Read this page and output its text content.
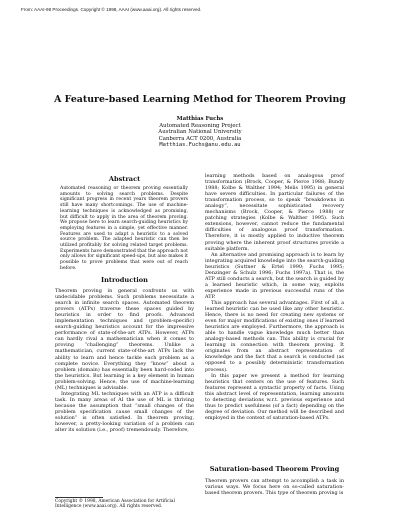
From: AAAI-98 Proceedings. Copyright © 1998, AAAI (www.aaai.org). All rights reserved.
A Feature-based Learning Method for Theorem Proving
Matthias Fuchs
Automated Reasoning Project
Australian National University
Canberra ACT 0200, Australia
Matthias.Fuchs@anu.edu.au
Abstract
Automated reasoning or theorem proving essentially amounts to solving search problems. Despite significant progress in recent years theorem provers still have many shortcomings. The use of machine-learning techniques is acknowledged as promising, but difficult to apply in the area of theorem proving. We propose here to learn search-guiding heuristics by employing features in a simple, yet effective manner. Features are used to adapt a heuristic to a solved source problem. The adapted heuristic can then be utilized profitably for solving related target problems. Experiments have demonstrated that the approach not only allows for significant speed-ups, but also makes it possible to prove problems that were out of reach before.
Introduction

Theorem proving in general confronts us with undecidable problems. Such problems necessitate a search in infinite search spaces. Automated theorem provers (ATPs) traverse these spaces guided by heuristics in order to find proofs. Advanced implementation techniques and (problem-specific) search-guiding heuristics account for the impressive performance of state-of-the-art ATPs. However, ATPs can hardly rival a mathematician when it comes to proving “challenging” theorems. Unlike a mathematician, current state-of-the-art ATPs lack the ability to learn and hence tackle each problem as a complete novice. Everything they “know” about a problem (domain) has essentially been hard-coded into the heuristics. But learning is a key element in human problem-solving. Hence, the use of machine-learning (ML) techniques is advisable.

Integrating ML techniques with an ATP is a difficult task. In many areas of AI the use of ML is thriving because the assumption that “small changes of the problem specification cause small changes of the solution” is often satisfied. In theorem proving, however, a pretty-looking variation of a problem can alter its solution (i.e., proof) tremendously. Therefore,

Copyright © 1998, American Association for Artificial Intelligence (www.aaai.org). All rights reserved.

learning methods based on analogous proof transformation (Brock, Cooper, & Pierce 1988; Bundy 1988; Kolbe & Walther 1994; Melis 1995) in general have severe difficulties. In particular failures of the transformation process, so to speak “breakdowns in analogy”, necessitate sophisticated recovery mechanisms (Brock, Cooper, & Pierce 1988) or patching strategies (Kolbe & Walther 1995). Such extensions, however, cannot reduce the fundamental difficulties of analogous proof transformation. Therefore, it is mostly applied to inductive theorem proving where the inherent proof structures provide a suitable platform.

An alternative and promising approach is to learn by integrating acquired knowledge into the search-guiding heuristics (Suttner & Ertel 1990; Fuchs 1995; Denzinger & Schulz 1996; Fuchs 1997a). That is, the ATP still conducts a search, but the search is guided by a learned heuristic which, in some way, exploits experience made in previous successful runs of the ATP.

This approach has several advantages. First of all, a learned heuristic can be used like any other heuristic. Hence, there is no need for creating new systems or even for major modifications of existing ones if learned heuristics are employed. Furthermore, the approach is able to handle vague knowledge much better than analogy-based methods can. This ability is crucial for learning in connection with theorem proving. It originates from an abstract representation of knowledge and the fact that a search is conducted (as opposed to a possibly deterministic transformation process).

In this paper we present a method for learning heuristics that centers on the use of features. Such features represent a syntactic property of facts. Using this abstract level of representation, learning amounts to detecting deviations w.r.t. previous experience and thus to predict usefulness (of a fact) depending on the degree of deviation. Our method will be described and employed in the context of saturation-based ATPs.

Saturation-based Theorem Proving

Theorem provers can attempt to accomplish a task in various ways. We focus here on so-called saturation-based theorem provers. This type of theorem proving is
